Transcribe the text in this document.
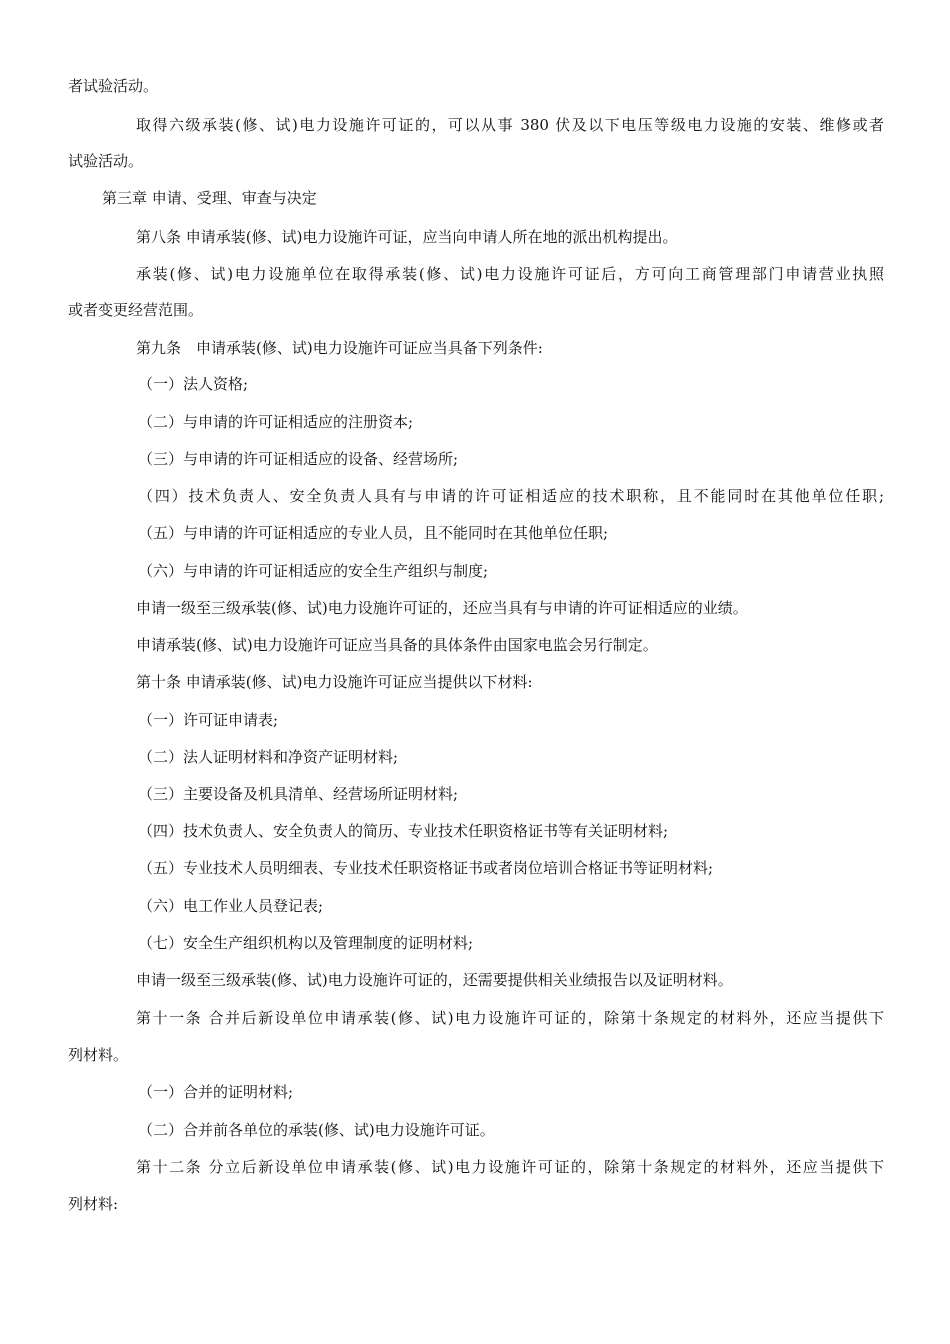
者试验活动。
取得六级承装(修、试)电力设施许可证的，可以从事 380 伏及以下电压等级电力设施的安装、维修或者
试验活动。
第三章 申请、受理、审查与决定
第八条 申请承装(修、试)电力设施许可证，应当向申请人所在地的派出机构提出。
承装(修、试)电力设施单位在取得承装(修、试)电力设施许可证后，方可向工商管理部门申请营业执照
或者变更经营范围。
第九条　申请承装(修、试)电力设施许可证应当具备下列条件:
（一）法人资格;
（二）与申请的许可证相适应的注册资本;
（三）与申请的许可证相适应的设备、经营场所;
（四）技术负责人、安全负责人具有与申请的许可证相适应的技术职称，且不能同时在其他单位任职;
（五）与申请的许可证相适应的专业人员，且不能同时在其他单位任职;
（六）与申请的许可证相适应的安全生产组织与制度;
申请一级至三级承装(修、试)电力设施许可证的，还应当具有与申请的许可证相适应的业绩。
申请承装(修、试)电力设施许可证应当具备的具体条件由国家电监会另行制定。
第十条 申请承装(修、试)电力设施许可证应当提供以下材料:
（一）许可证申请表;
（二）法人证明材料和净资产证明材料;
（三）主要设备及机具清单、经营场所证明材料;
（四）技术负责人、安全负责人的简历、专业技术任职资格证书等有关证明材料;
（五）专业技术人员明细表、专业技术任职资格证书或者岗位培训合格证书等证明材料;
（六）电工作业人员登记表;
（七）安全生产组织机构以及管理制度的证明材料;
申请一级至三级承装(修、试)电力设施许可证的，还需要提供相关业绩报告以及证明材料。
第十一条 合并后新设单位申请承装(修、试)电力设施许可证的，除第十条规定的材料外，还应当提供下
列材料。
（一）合并的证明材料;
（二）合并前各单位的承装(修、试)电力设施许可证。
第十二条 分立后新设单位申请承装(修、试)电力设施许可证的，除第十条规定的材料外，还应当提供下
列材料:
